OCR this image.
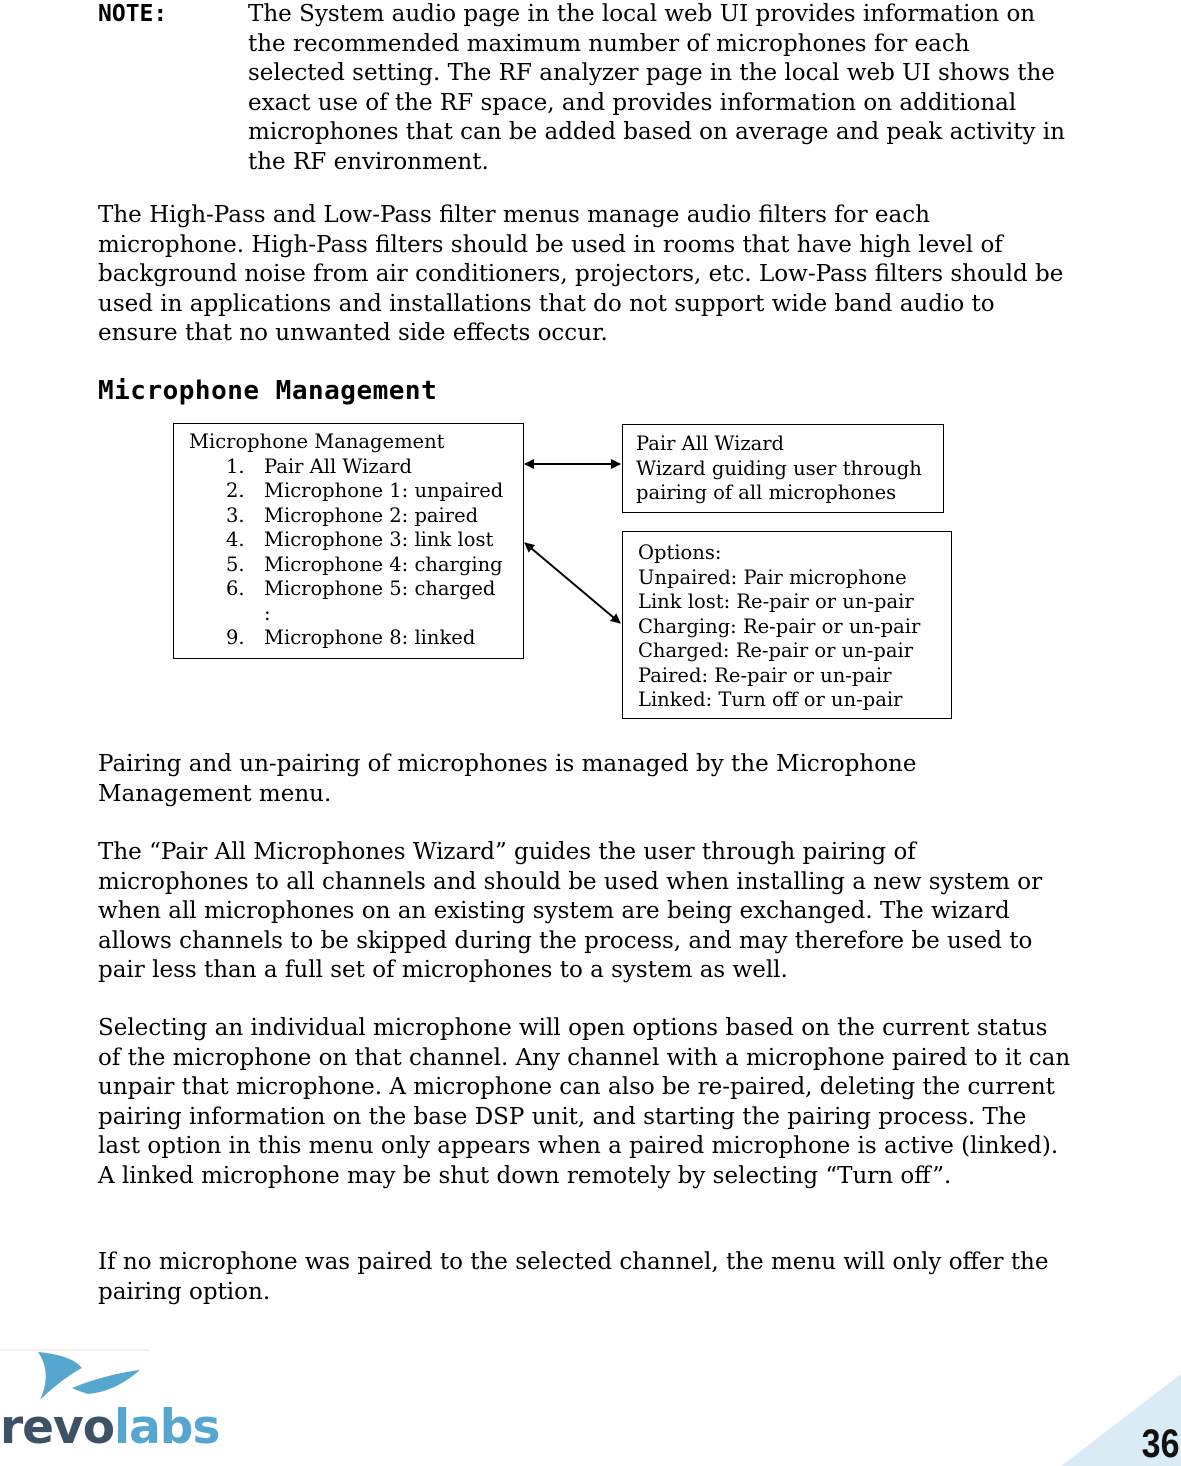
NOTE:	The System audio page in the local web UI provides information on the recommended maximum number of microphones for each selected setting. The RF analyzer page in the local web UI shows the exact use of the RF space, and provides information on additional microphones that can be added based on average and peak activity in the RF environment.

The High-Pass and Low-Pass filter menus manage audio filters for each microphone. High-Pass filters should be used in rooms that have high level of background noise from air conditioners, projectors, etc. Low-Pass filters should be used in applications and installations that do not support wide band audio to ensure that no unwanted side effects occur.

Microphone Management
Microphone Management
1. Pair All Wizard
2. Microphone 1: unpaired
3. Microphone 2: paired
4. Microphone 3: link lost
5. Microphone 4: charging
6. Microphone 5: charged
:
9. Microphone 8: linked
Pair All Wizard
Wizard guiding user through
pairing of all microphones
Options:
Unpaired: Pair microphone
Link lost: Re-pair or un-pair
Charging: Re-pair or un-pair
Charged: Re-pair or un-pair
Paired: Re-pair or un-pair
Linked: Turn off or un-pair

Pairing and un-pairing of microphones is managed by the Microphone Management menu.

The “Pair All Microphones Wizard” guides the user through pairing of microphones to all channels and should be used when installing a new system or when all microphones on an existing system are being exchanged. The wizard allows channels to be skipped during the process, and may therefore be used to pair less than a full set of microphones to a system as well.

Selecting an individual microphone will open options based on the current status of the microphone on that channel. Any channel with a microphone paired to it can unpair that microphone. A microphone can also be re-paired, deleting the current pairing information on the base DSP unit, and starting the pairing process. The last option in this menu only appears when a paired microphone is active (linked). A linked microphone may be shut down remotely by selecting “Turn off”.

If no microphone was paired to the selected channel, the menu will only offer the pairing option.

revolabs	36
